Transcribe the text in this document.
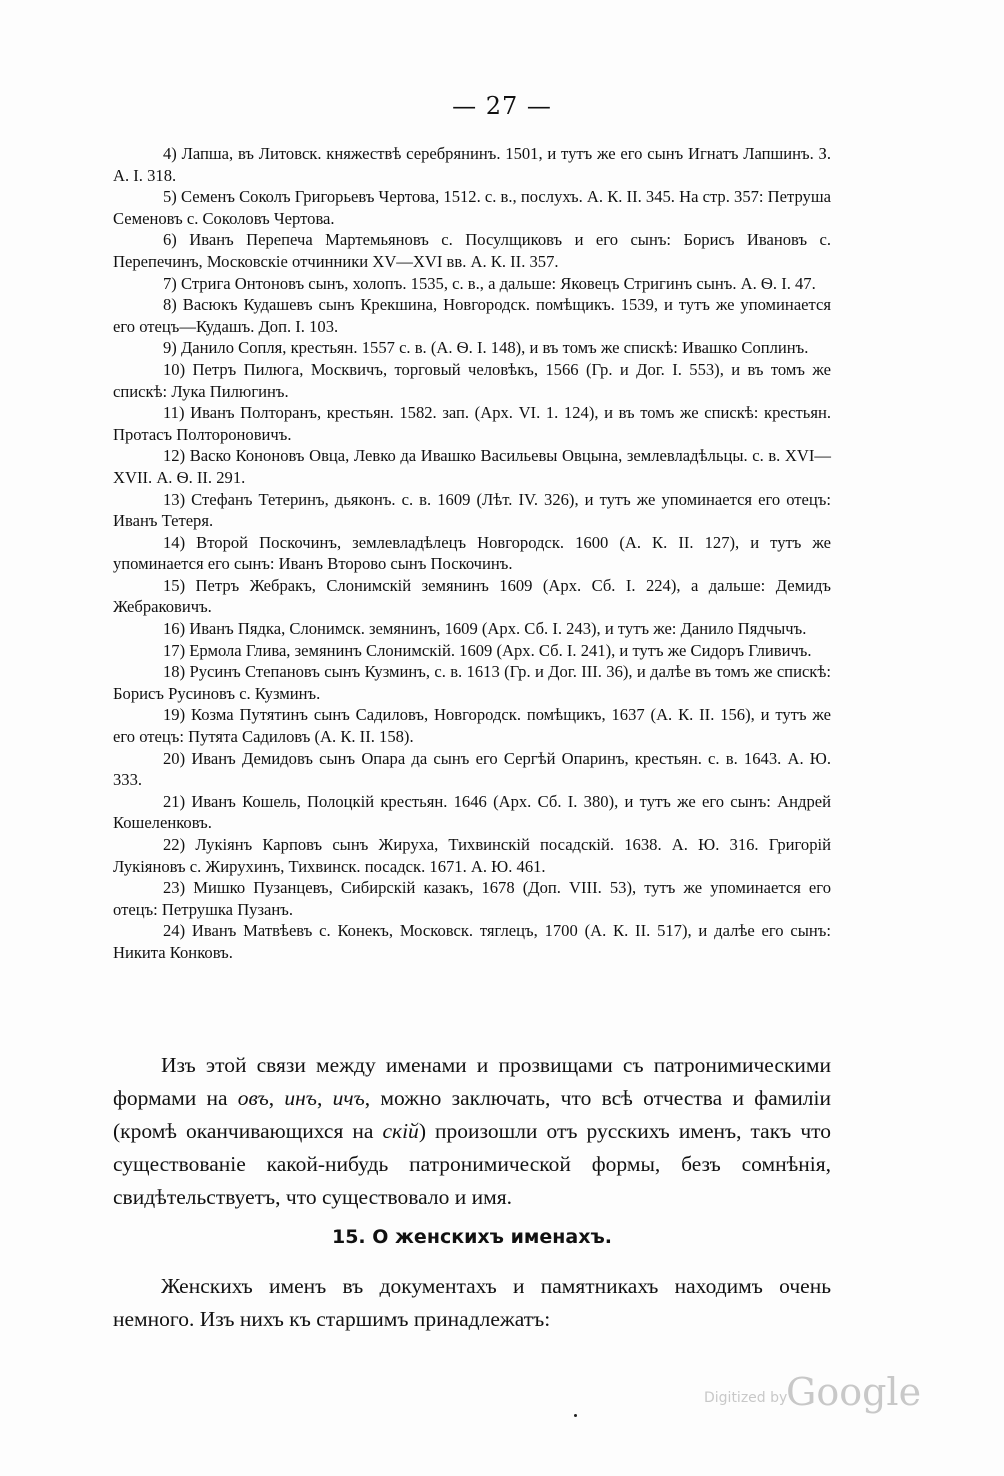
— 27 —

4) Лапша, въ Литовск. княжествѣ серебрянинъ. 1501, и тутъ же его сынъ Игнатъ Лапшинъ. З. А. I. 318.

5) Семенъ Соколъ Григорьевъ Чертова, 1512. с. в., послухъ. А. К. II. 345. На стр. 357: Петруша Семеновъ с. Соколовъ Чертова.

6) Иванъ Перепеча Мартемьяновъ с. Посулщиковъ и его сынъ: Борисъ Ивановъ с. Перепечинъ, Московскіе отчинники XV—XVI вв. А. К. II. 357.

7) Стрига Онтоновъ сынъ, холопъ. 1535, с. в., а дальше: Яковецъ Стригинъ сынъ. А. Ѳ. I. 47.

8) Васюкъ Кудашевъ сынъ Крекшина, Новгородск. помѣщикъ. 1539, и тутъ же упоминается его отецъ—Кудашъ. Доп. I. 103.

9) Данило Сопля, крестьян. 1557 с. в. (А. Ѳ. I. 148), и въ томъ же спискѣ: Ивашко Соплинъ.

10) Петръ Пилюга, Москвичъ, торговый человѣкъ, 1566 (Гр. и Дог. I. 553), и въ томъ же спискѣ: Лука Пилюгинъ.

11) Иванъ Полторанъ, крестьян. 1582. зап. (Арх. VI. 1. 124), и въ томъ же спискѣ: крестьян. Протасъ Полтороновичъ.

12) Васко Кононовъ Овца, Левко да Ивашко Васильевы Овцына, землевладѣльцы. с. в. XVI—XVII. А. Ѳ. II. 291.

13) Стефанъ Тетеринъ, дьяконъ. с. в. 1609 (Лѣт. IV. 326), и тутъ же упоминается его отецъ: Иванъ Тетеря.

14) Второй Поскочинъ, землевладѣлецъ Новгородск. 1600 (А. К. II. 127), и тутъ же упоминается его сынъ: Иванъ Второво сынъ Поскочинъ.

15) Петръ Жебракъ, Слонимскій земянинъ 1609 (Арх. Сб. I. 224), а дальше: Демидъ Жебраковичъ.

16) Иванъ Пядка, Слонимск. земянинъ, 1609 (Арх. Сб. I. 243), и тутъ же: Данило Пядчычъ.

17) Ермола Глива, земянинъ Слонимскій. 1609 (Арх. Сб. I. 241), и тутъ же Сидоръ Гливичъ.

18) Русинъ Степановъ сынъ Кузминъ, с. в. 1613 (Гр. и Дог. III. 36), и далѣе въ томъ же спискѣ: Борисъ Русиновъ с. Кузминъ.

19) Козма Путятинъ сынъ Садиловъ, Новгородск. помѣщикъ, 1637 (А. К. II. 156), и тутъ же его отецъ: Путята Садиловъ (А. К. II. 158).

20) Иванъ Демидовъ сынъ Опара да сынъ его Сергѣй Опаринъ, крестьян. с. в. 1643. А. Ю. 333.

21) Иванъ Кошель, Полоцкій крестьян. 1646 (Арх. Сб. I. 380), и тутъ же его сынъ: Андрей Кошеленковъ.

22) Лукіянъ Карповъ сынъ Жируха, Тихвинскій посадскій. 1638. А. Ю. 316. Григорій Лукіяновъ с. Жирухинъ, Тихвинск. посадск. 1671. А. Ю. 461.

23) Мишко Пузанцевъ, Сибирскій казакъ, 1678 (Доп. VIII. 53), тутъ же упоминается его отецъ: Петрушка Пузанъ.

24) Иванъ Матвѣевъ с. Конекъ, Московск. тяглецъ, 1700 (А. К. II. 517), и далѣе его сынъ: Никита Конковъ.

Изъ этой связи между именами и прозвищами съ патронимическими формами на овъ, инъ, ичъ, можно заключать, что всѣ отчества и фамиліи (кромѣ оканчивающихся на скій) произошли отъ русскихъ именъ, такъ что существованіе какой-нибудь патронимической формы, безъ сомнѣнія, свидѣтельствуетъ, что существовало и имя.

15. О женскихъ именахъ.

Женскихъ именъ въ документахъ и памятникахъ находимъ очень немного. Изъ нихъ къ старшимъ принадлежатъ:

Digitized by
Google
